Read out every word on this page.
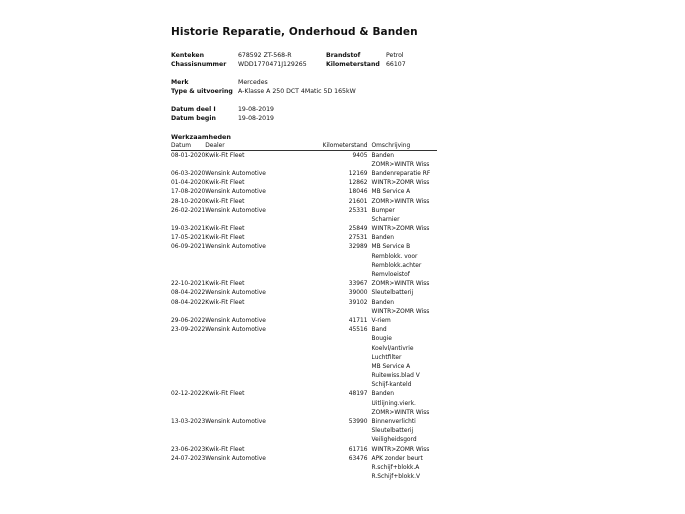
Historie Reparatie, Onderhoud & Banden
Kenteken	678592 ZT-568-R	Brandstof	Petrol
Chassisnummer	WDD1770471J129265	Kilometerstand	66107
Merk	Mercedes
Type & uitvoering A-Klasse A 250 DCT 4Matic 5D 165kW
Datum deel I	19-08-2019
Datum begin	19-08-2019
Werkzaamheden
Datum	Dealer	Kilometerstand	Omschrijving
08-01-2020	Kwik-Fit Fleet	9405	Banden
			ZOMR>WINTR Wiss
06-03-2020	Wensink Automotive	12169	Bandenreparatie RF
01-04-2020	Kwik-Fit Fleet	12862	WINTR>ZOMR Wiss
17-08-2020	Wensink Automotive	18046	MB Service A
28-10-2020	Kwik-Fit Fleet	21601	ZOMR>WINTR Wiss
26-02-2021	Wensink Automotive	25331	Bumper
			Scharnier
19-03-2021	Kwik-Fit Fleet	25849	WINTR>ZOMR Wiss
17-05-2021	Kwik-Fit Fleet	27531	Banden
06-09-2021	Wensink Automotive	32989	MB Service B
			Remblokk. voor
			Remblokk.achter
			Remvloeistof
22-10-2021	Kwik-Fit Fleet	33967	ZOMR>WINTR Wiss
08-04-2022	Wensink Automotive	39000	Sleutelbatterij
08-04-2022	Kwik-Fit Fleet	39102	Banden
			WINTR>ZOMR Wiss
29-06-2022	Wensink Automotive	41711	V-riem
23-09-2022	Wensink Automotive	45516	Band
			Bougie
			Koelvl/antivrie
			Luchtfilter
			MB Service A
			Ruitewiss.blad V
			Schijf-kanteld
02-12-2022	Kwik-Fit Fleet	48197	Banden
			Uitlijning.vierk.
			ZOMR>WINTR Wiss
13-03-2023	Wensink Automotive	53990	Binnenverlichti
			Sleutelbatterij
			Veiligheidsgord
23-06-2023	Kwik-Fit Fleet	61716	WINTR>ZOMR Wiss
24-07-2023	Wensink Automotive	63476	APK zonder beurt
			R.schijf+blokk.A
			R.Schijf+blokk.V
